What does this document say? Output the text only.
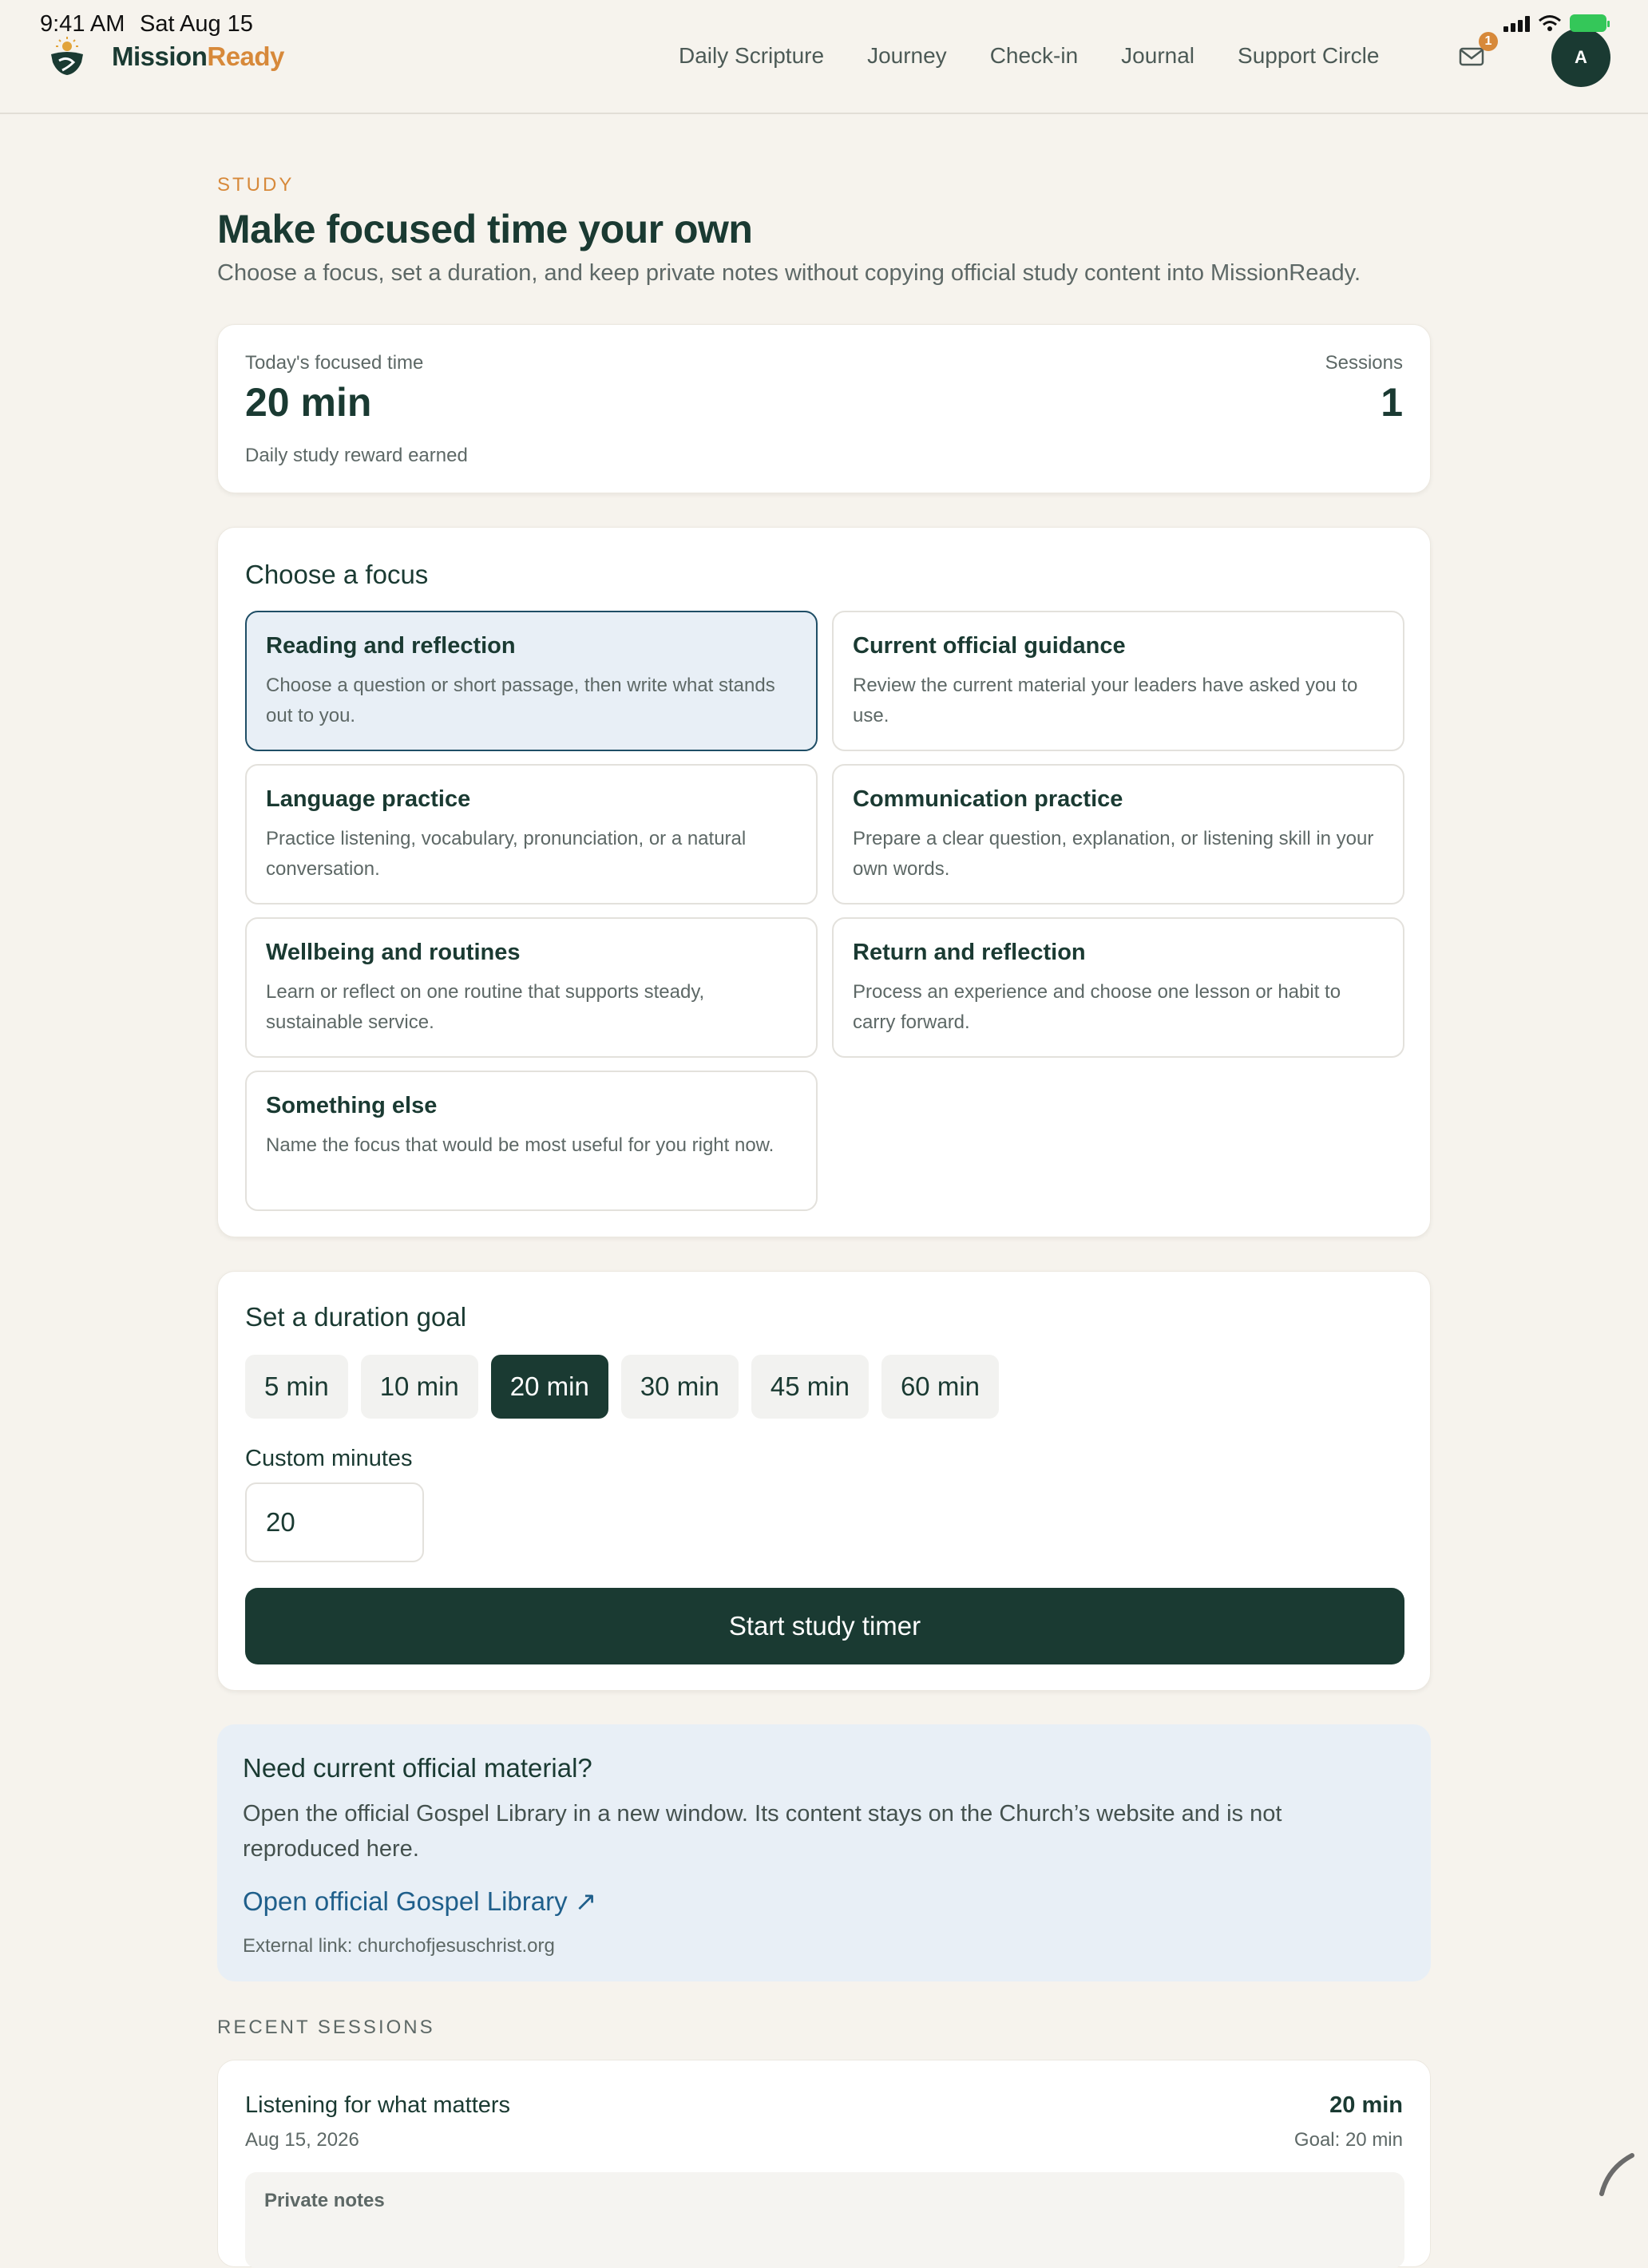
MissionReady	Daily Scripture Journey Check-in Journal Support Circle
1
A
9:41 AM Sat Aug 15
STUDY
Make focused time your own
Choose a focus, set a duration, and keep private notes without copying official study content into MissionReady.
Today's focused time
20 min
Daily study reward earned
Sessions
1
Choose a focus
Reading and reflection
Choose a question or short passage, then write what stands out to you.
Current official guidance
Review the current material your leaders have asked you to use.
Language practice
Practice listening, vocabulary, pronunciation, or a natural conversation.
Communication practice
Prepare a clear question, explanation, or listening skill in your own words.
Wellbeing and routines
Learn or reflect on one routine that supports steady, sustainable service.
Return and reflection
Process an experience and choose one lesson or habit to carry forward.
Something else
Name the focus that would be most useful for you right now.
Set a duration goal
5 min	10 min	20 min	30 min	45 min	60 min
Custom minutes
20
Start study timer
Need current official material?
Open the official Gospel Library in a new window. Its content stays on the Church’s website and is not reproduced here.
Open official Gospel Library ↗
External link: churchofjesuschrist.org
RECENT SESSIONS
Listening for what matters
Aug 15, 2026
20 min
Goal: 20 min
Private notes
